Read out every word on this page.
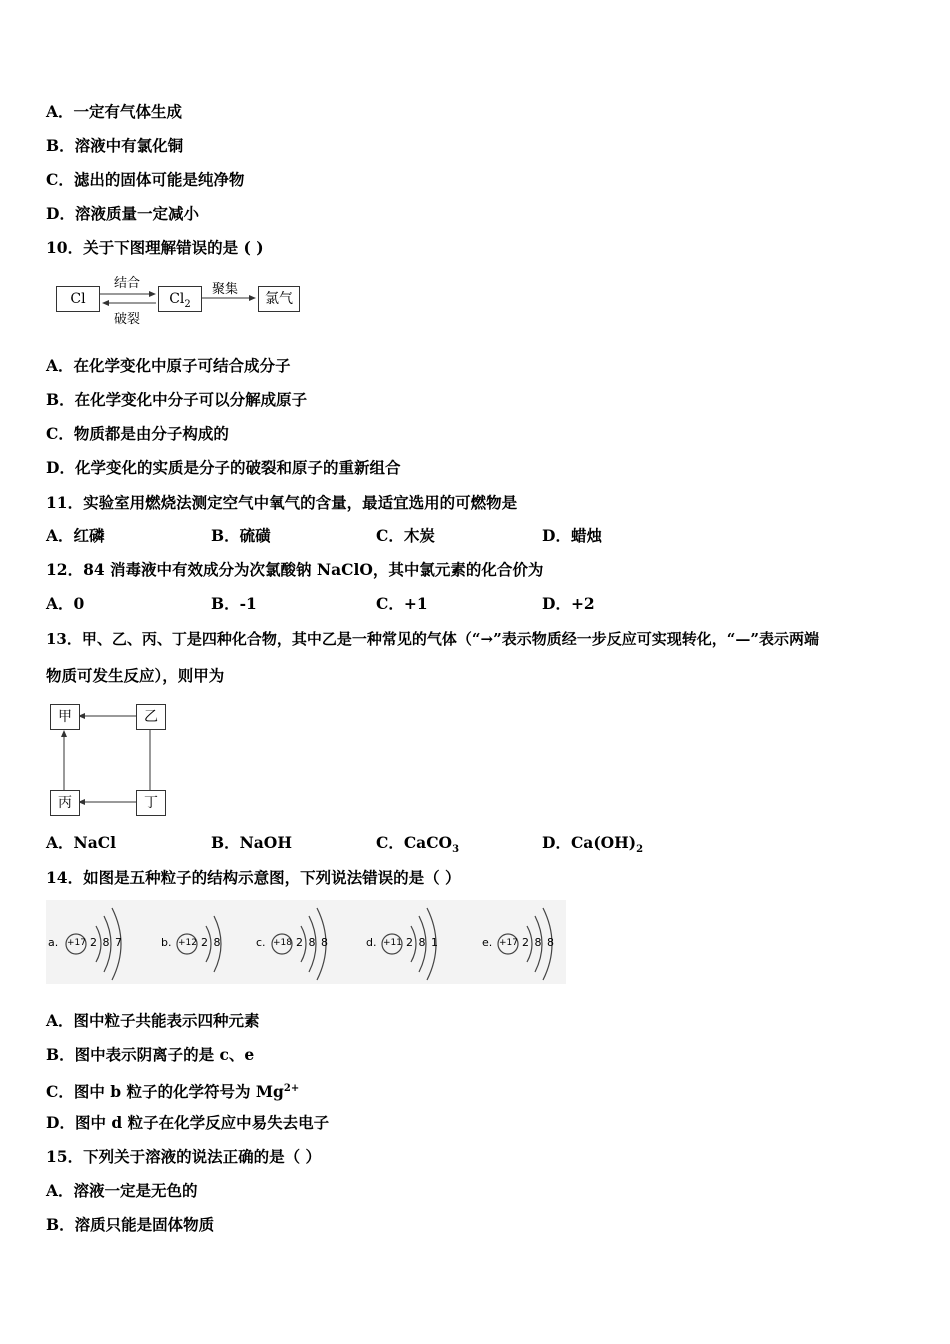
A．一定有气体生成
B．溶液中有氯化铜
C．滤出的固体可能是纯净物
D．溶液质量一定减小
10．关于下图理解错误的是 ( )
Cl	$Cl_2$	氯气
结合
破裂
聚集
A．在化学变化中原子可结合成分子
B．在化学变化中分子可以分解成原子
C．物质都是由分子构成的
D．化学变化的实质是分子的破裂和原子的重新组合
11．实验室用燃烧法测定空气中氧气的含量，最适宜选用的可燃物是
A．红磷	B．硫磺	C．木炭	D．蜡烛
12．84 消毒液中有效成分为次氯酸钠 NaClO，其中氯元素的化合价为
A．0	B．-1	C．+1	D．+2
13．甲、乙、丙、丁是四种化合物，其中乙是一种常见的气体（“→”表示物质经一步反应可实现转化，“—”表示两端
物质可发生反应），则甲为
甲	乙
丙	丁
A．NaCl	B．NaOH	C．CaCO$_3$	D．$Ca(OH)_2$
14．如图是五种粒子的结构示意图，下列说法错误的是（ ）
a. +17 2 8 7	b. +12 2 8	c. +18 2 8 8	d. +11 2 8 1	e. +17 2 8 8
A．图中粒子共能表示四种元素
B．图中表示阴离子的是 c、e
C．图中 b 粒子的化学符号为 $Mg^{2+}$
D．图中 d 粒子在化学反应中易失去电子
15．下列关于溶液的说法正确的是（ ）
A．溶液一定是无色的
B．溶质只能是固体物质
